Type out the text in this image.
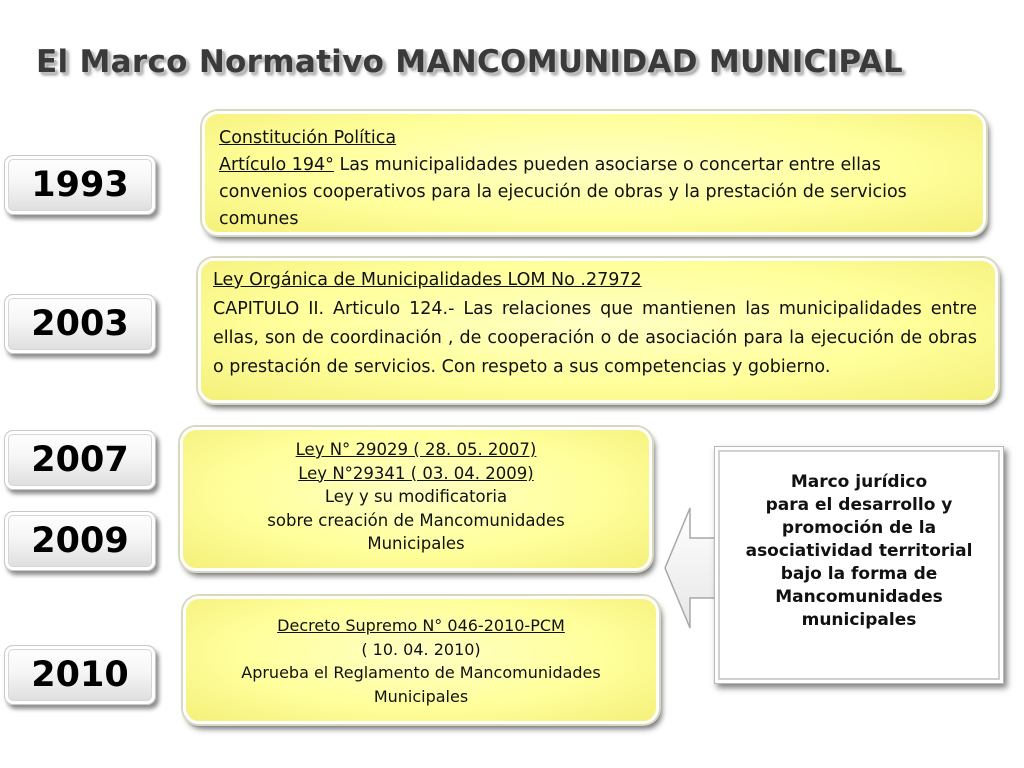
El Marco Normativo MANCOMUNIDAD MUNICIPAL
1993
2003
2007
2009
2010

Constitución Política

Artículo 194° Las municipalidades pueden asociarse o concertar entre ellas convenios cooperativos para la ejecución de obras y la prestación de servicios comunes

Ley Orgánica de Municipalidades LOM No .27972

CAPITULO II. Articulo 124.- Las relaciones que mantienen las municipalidades entre ellas, son de coordinación , de cooperación o de asociación para la ejecución de obras o prestación de servicios. Con respeto a sus competencias y gobierno.

Ley N° 29029 ( 28. 05. 2007)

Ley N°29341 ( 03. 04. 2009)

Ley y su modificatoria

sobre creación de Mancomunidades

Municipales

Decreto Supremo N° 046-2010-PCM

( 10. 04. 2010)

Aprueba el Reglamento de Mancomunidades

Municipales

Marco jurídico
para el desarrollo y
promoción de la
asociatividad territorial
bajo la forma de
Mancomunidades
municipales
